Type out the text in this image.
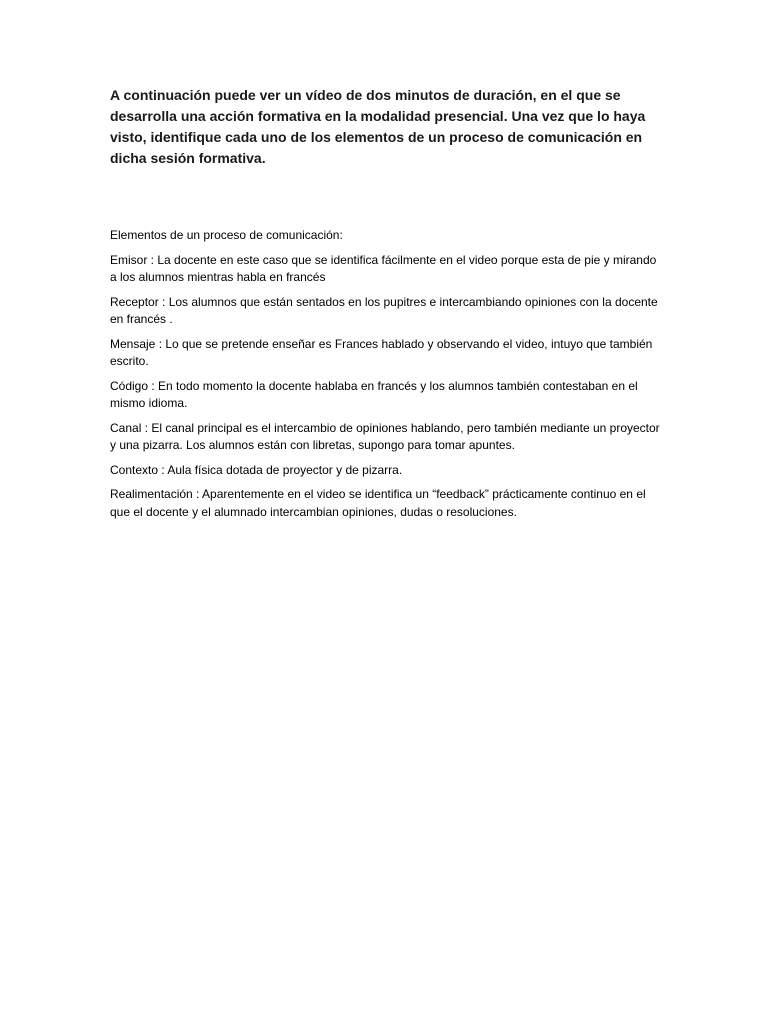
A continuación puede ver un vídeo de dos minutos de duración, en el que se desarrolla una acción formativa en la modalidad presencial. Una vez que lo haya visto, identifique cada uno de los elementos de un proceso de comunicación en dicha sesión formativa.

Elementos de un proceso de comunicación:
Emisor : La docente en este caso que se identifica fácilmente en el video porque esta de pie y mirando a los alumnos mientras habla en francés
Receptor : Los alumnos que están sentados en los pupitres e intercambiando opiniones con la docente en francés .
Mensaje : Lo que se pretende enseñar es Frances hablado y observando el video, intuyo que también escrito.
Código : En todo momento la docente hablaba en francés y los alumnos también contestaban en el mismo idioma.
Canal : El canal principal es el intercambio de opiniones hablando, pero también mediante un proyector y una pizarra. Los alumnos están con libretas, supongo para tomar apuntes.
Contexto : Aula física dotada de proyector y de pizarra.
Realimentación : Aparentemente en el video se identifica un “feedback” prácticamente continuo en el que el docente y el alumnado intercambian opiniones, dudas o resoluciones.
